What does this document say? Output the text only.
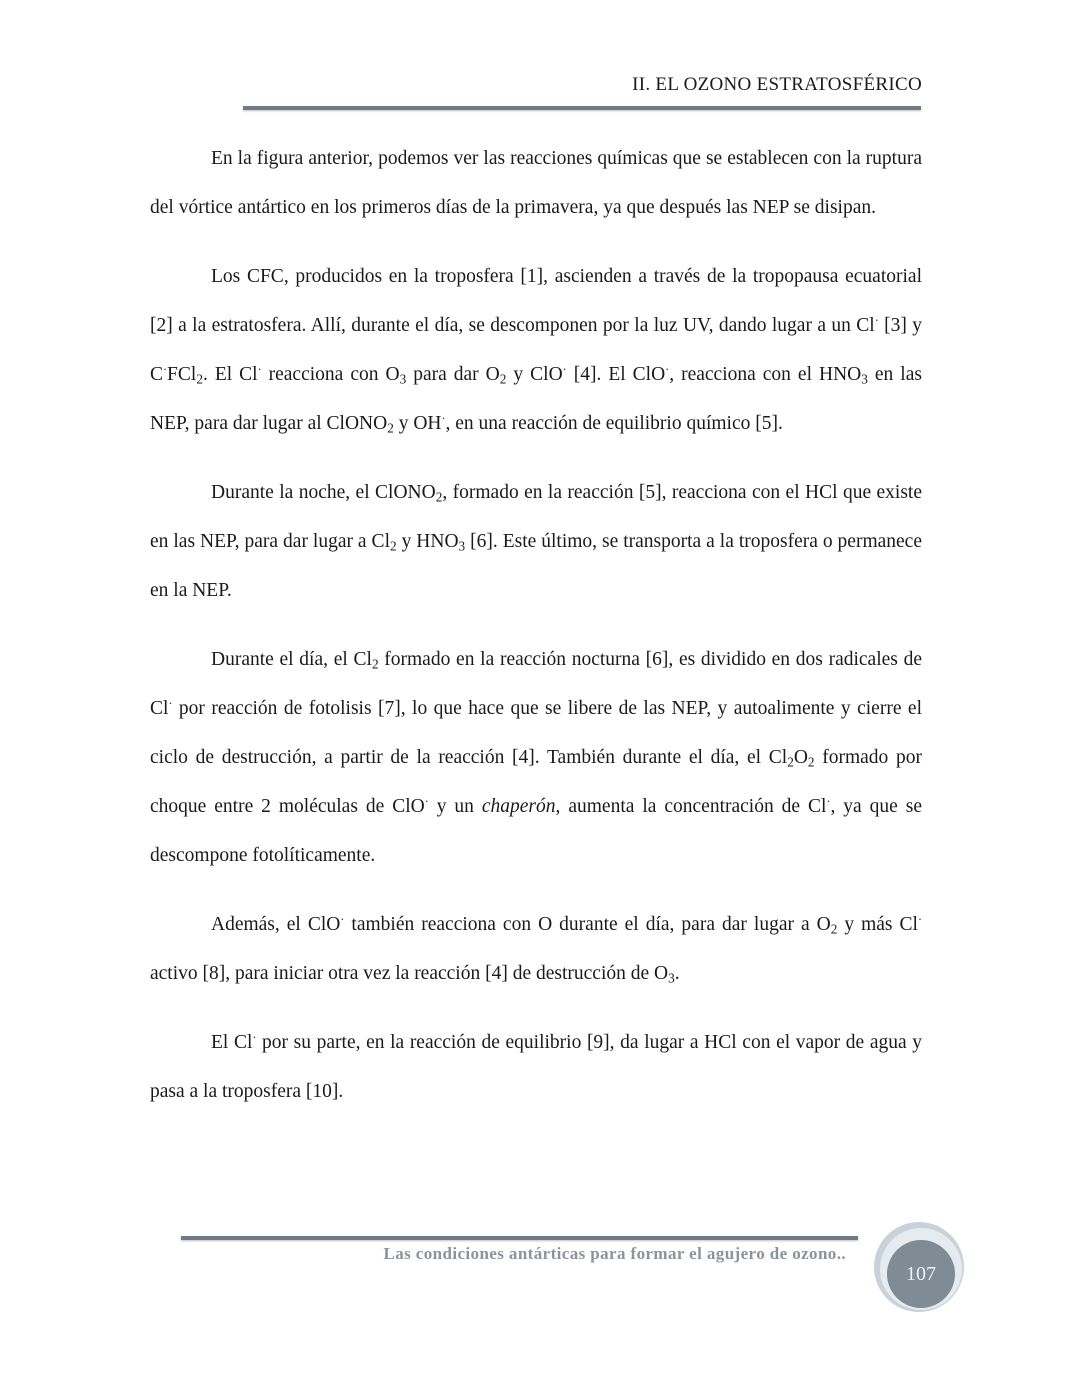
II. EL OZONO ESTRATOSFÉRICO

En la figura anterior, podemos ver las reacciones químicas que se establecen con la ruptura del vórtice antártico en los primeros días de la primavera, ya que después las NEP se disipan.

Los CFC, producidos en la troposfera [1], ascienden a través de la tropopausa ecuatorial [2] a la estratosfera. Allí, durante el día, se descomponen por la luz UV, dando lugar a un Cl· [3] y C·FCl$_2$. El Cl· reacciona con $O_3$ para dar $O_2$ y ClO· [4]. El ClO·, reacciona con el $HNO_3$ en las NEP, para dar lugar al ClONO$_2$ y OH·, en una reacción de equilibrio químico [5].

Durante la noche, el ClONO$_2$, formado en la reacción [5], reacciona con el HCl que existe en las NEP, para dar lugar a $Cl_2$ y $HNO_3$ [6]. Este último, se transporta a la troposfera o permanece en la NEP.

Durante el día, el $Cl_2$ formado en la reacción nocturna [6], es dividido en dos radicales de Cl· por reacción de fotolisis [7], lo que hace que se libere de las NEP, y autoalimente y cierre el ciclo de destrucción, a partir de la reacción [4]. También durante el día, el $Cl_2O_2$ formado por choque entre 2 moléculas de ClO· y un chaperón, aumenta la concentración de Cl·, ya que se descompone fotolíticamente.

Además, el ClO· también reacciona con O durante el día, para dar lugar a $O_2$ y más Cl· activo [8], para iniciar otra vez la reacción [4] de destrucción de $O_3$.

El Cl· por su parte, en la reacción de equilibrio [9], da lugar a HCl con el vapor de agua y pasa a la troposfera [10].

Las condiciones antárticas para formar el agujero de ozono..
107
